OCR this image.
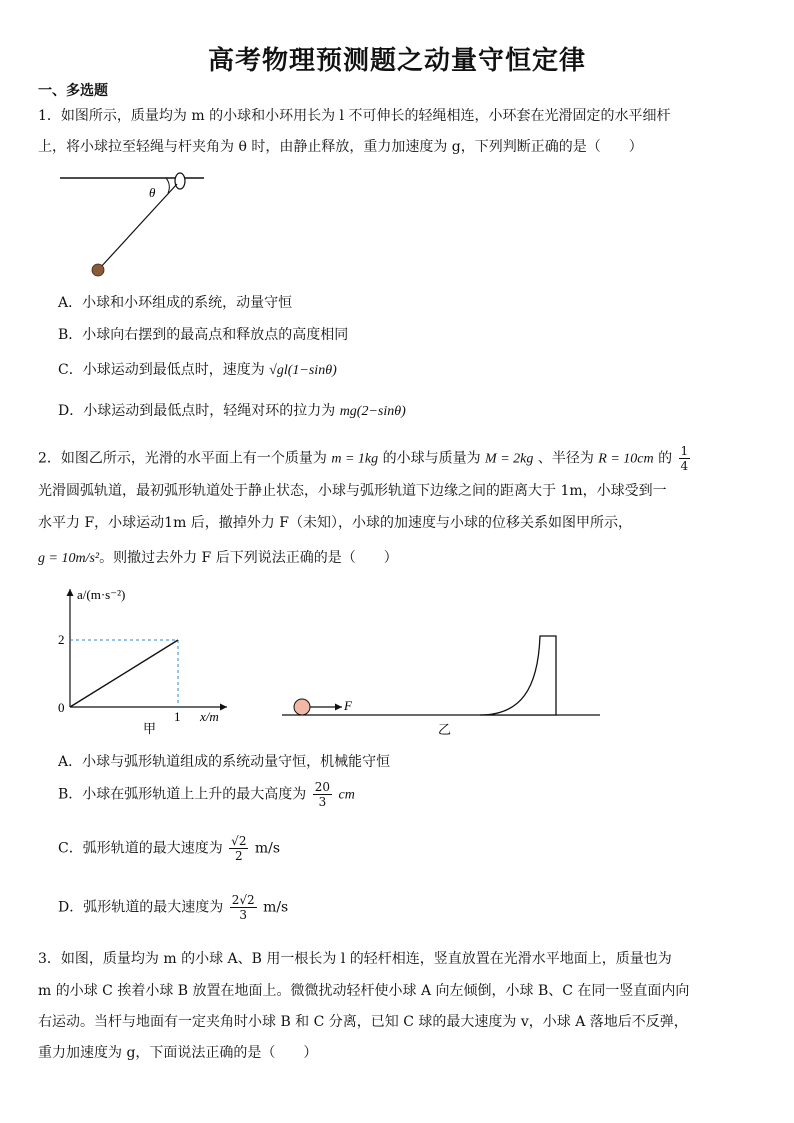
高考物理预测题之动量守恒定律
一、多选题
1．如图所示，质量均为 m 的小球和小环用长为 l 不可伸长的轻绳相连，小环套在光滑固定的水平细杆
上，将小球拉至轻绳与杆夹角为 θ 时，由静止释放，重力加速度为 g，下列判断正确的是（　　）
θ
A．小球和小环组成的系统，动量守恒
B．小球向右摆到的最高点和释放点的高度相同
C．小球运动到最低点时，速度为 √gl(1−sinθ)
D．小球运动到最低点时，轻绳对环的拉力为 mg(2−sinθ)
2．如图乙所示，光滑的水平面上有一个质量为 m = 1kg 的小球与质量为 M = 2kg 、半径为 R = 10cm 的 $\frac{1}{4}$
光滑圆弧轨道，最初弧形轨道处于静止状态，小球与弧形轨道下边缘之间的距离大于 1m，小球受到一
水平力 F，小球运动1m 后，撤掉外力 F（未知），小球的加速度与小球的位移关系如图甲所示，
g = 10m/s²。则撤过去外力 F 后下列说法正确的是（　　）
2
1
a/(m·s⁻²)
x/m
0
甲
F
乙
A．小球与弧形轨道组成的系统动量守恒，机械能守恒
B．小球在弧形轨道上上升的最大高度为 $\frac{20}{3}$ cm
C．弧形轨道的最大速度为 $\frac{√2}{2} m/s$
D．弧形轨道的最大速度为 $\frac{2√2}{3} m/s$
3．如图，质量均为 m 的小球 A、B 用一根长为 l 的轻杆相连，竖直放置在光滑水平地面上，质量也为
m 的小球 C 挨着小球 B 放置在地面上。微微扰动轻杆使小球 A 向左倾倒，小球 B、C 在同一竖直面内向
右运动。当杆与地面有一定夹角时小球 B 和 C 分离，已知 C 球的最大速度为 v，小球 A 落地后不反弹，
重力加速度为 g，下面说法正确的是（　　）
